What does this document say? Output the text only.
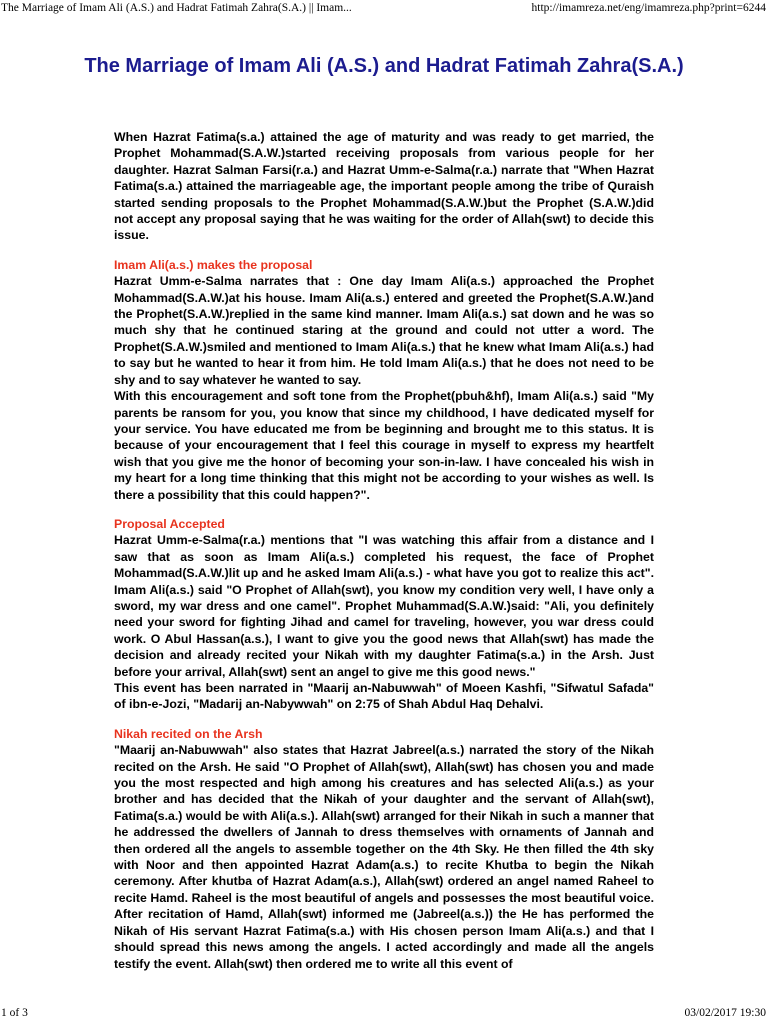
The Marriage of Imam Ali (A.S.) and Hadrat Fatimah Zahra(S.A.) || Imam...	http://imamreza.net/eng/imamreza.php?print=6244
The Marriage of Imam Ali (A.S.) and Hadrat Fatimah Zahra(S.A.)

When Hazrat Fatima(s.a.) attained the age of maturity and was ready to get married, the Prophet Mohammad(S.A.W.)started receiving proposals from various people for her daughter. Hazrat Salman Farsi(r.a.) and Hazrat Umm-e-Salma(r.a.) narrate that "When Hazrat Fatima(s.a.) attained the marriageable age, the important people among the tribe of Quraish started sending proposals to the Prophet Mohammad(S.A.W.)but the Prophet (S.A.W.)did not accept any proposal saying that he was waiting for the order of Allah(swt) to decide this issue.

Imam Ali(a.s.) makes the proposal

Hazrat Umm-e-Salma narrates that : One day Imam Ali(a.s.) approached the Prophet Mohammad(S.A.W.)at his house. Imam Ali(a.s.) entered and greeted the Prophet(S.A.W.)and the Prophet(S.A.W.)replied in the same kind manner. Imam Ali(a.s.) sat down and he was so much shy that he continued staring at the ground and could not utter a word. The Prophet(S.A.W.)smiled and mentioned to Imam Ali(a.s.) that he knew what Imam Ali(a.s.) had to say but he wanted to hear it from him. He told Imam Ali(a.s.) that he does not need to be shy and to say whatever he wanted to say.

With this encouragement and soft tone from the Prophet(pbuh&hf), Imam Ali(a.s.) said "My parents be ransom for you, you know that since my childhood, I have dedicated myself for your service. You have educated me from be beginning and brought me to this status. It is because of your encouragement that I feel this courage in myself to express my heartfelt wish that you give me the honor of becoming your son-in-law. I have concealed his wish in my heart for a long time thinking that this might not be according to your wishes as well. Is there a possibility that this could happen?".

Proposal Accepted

Hazrat Umm-e-Salma(r.a.) mentions that "I was watching this affair from a distance and I saw that as soon as Imam Ali(a.s.) completed his request, the face of Prophet Mohammad(S.A.W.)lit up and he asked Imam Ali(a.s.) - what have you got to realize this act". Imam Ali(a.s.) said "O Prophet of Allah(swt), you know my condition very well, I have only a sword, my war dress and one camel". Prophet Muhammad(S.A.W.)said: "Ali, you definitely need your sword for fighting Jihad and camel for traveling, however, you war dress could work. O Abul Hassan(a.s.), I want to give you the good news that Allah(swt) has made the decision and already recited your Nikah with my daughter Fatima(s.a.) in the Arsh. Just before your arrival, Allah(swt) sent an angel to give me this good news."

This event has been narrated in "Maarij an-Nabuwwah" of Moeen Kashfi, "Sifwatul Safada" of ibn-e-Jozi, "Madarij an-Nabywwah" on 2:75 of Shah Abdul Haq Dehalvi.

Nikah recited on the Arsh

"Maarij an-Nabuwwah" also states that Hazrat Jabreel(a.s.) narrated the story of the Nikah recited on the Arsh. He said "O Prophet of Allah(swt), Allah(swt) has chosen you and made you the most respected and high among his creatures and has selected Ali(a.s.) as your brother and has decided that the Nikah of your daughter and the servant of Allah(swt), Fatima(s.a.) would be with Ali(a.s.). Allah(swt) arranged for their Nikah in such a manner that he addressed the dwellers of Jannah to dress themselves with ornaments of Jannah and then ordered all the angels to assemble together on the 4th Sky. He then filled the 4th sky with Noor and then appointed Hazrat Adam(a.s.) to recite Khutba to begin the Nikah ceremony. After khutba of Hazrat Adam(a.s.), Allah(swt) ordered an angel named Raheel to recite Hamd. Raheel is the most beautiful of angels and possesses the most beautiful voice. After recitation of Hamd, Allah(swt) informed me (Jabreel(a.s.)) the He has performed the Nikah of His servant Hazrat Fatima(s.a.) with His chosen person Imam Ali(a.s.) and that I should spread this news among the angels. I acted accordingly and made all the angels testify the event. Allah(swt) then ordered me to write all this event of

1 of 3	03/02/2017 19:30
